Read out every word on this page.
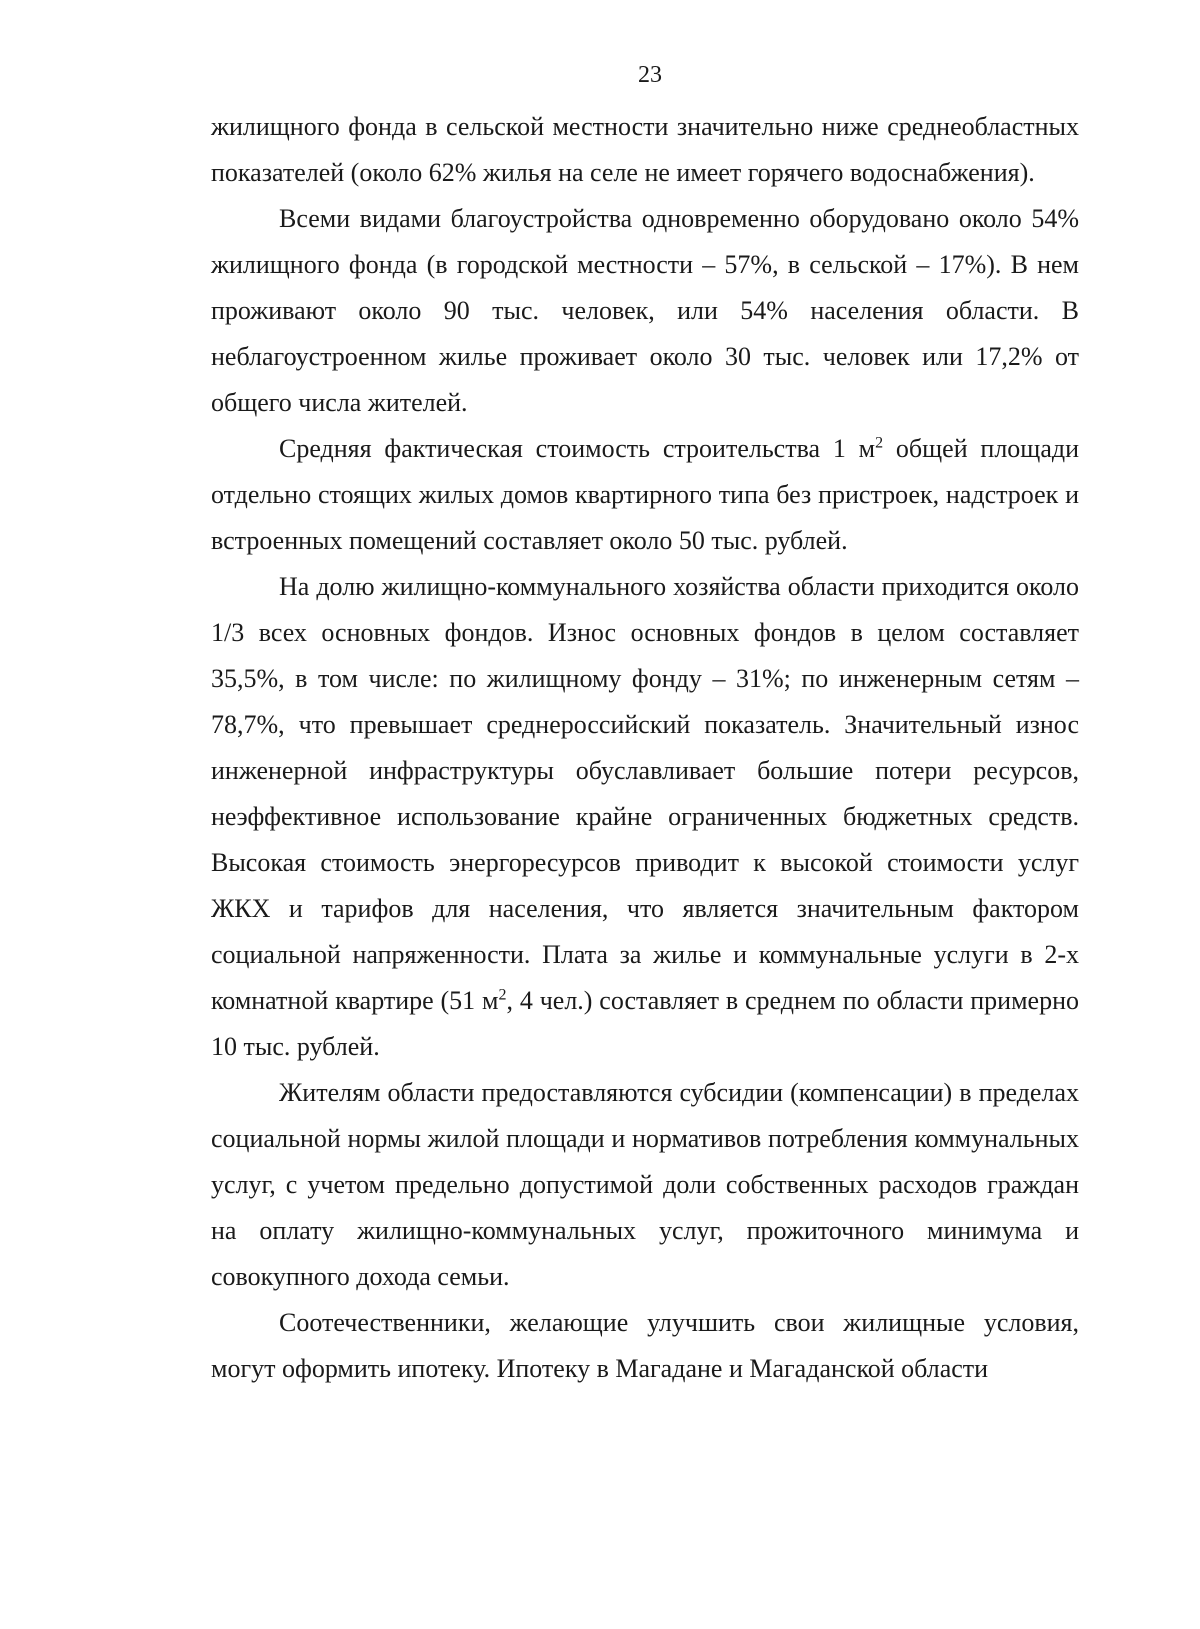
23

жилищного фонда в сельской местности значительно ниже среднеобластных показателей (около 62% жилья на селе не имеет горячего водоснабжения).

Всеми видами благоустройства одновременно оборудовано около 54% жилищного фонда (в городской местности – 57%, в сельской – 17%). В нем проживают около 90 тыс. человек, или 54% населения области. В неблагоустроенном жилье проживает около 30 тыс. человек или 17,2% от общего числа жителей.

Средняя фактическая стоимость строительства 1 $м^2$ общей площади отдельно стоящих жилых домов квартирного типа без пристроек, надстроек и встроенных помещений составляет около 50 тыс. рублей.

На долю жилищно-коммунального хозяйства области приходится около 1/3 всех основных фондов. Износ основных фондов в целом составляет 35,5%, в том числе: по жилищному фонду – 31%; по инженерным сетям – 78,7%, что превышает среднероссийский показатель. Значительный износ инженерной инфраструктуры обуславливает большие потери ресурсов, неэффективное использование крайне ограниченных бюджетных средств. Высокая стоимость энергоресурсов приводит к высокой стоимости услуг ЖКХ и тарифов для населения, что является значительным фактором социальной напряженности. Плата за жилье и коммунальные услуги в 2-х комнатной квартире (51 $м^2$, 4 чел.) составляет в среднем по области примерно 10 тыс. рублей.

Жителям области предоставляются субсидии (компенсации) в пределах социальной нормы жилой площади и нормативов потребления коммунальных услуг, с учетом предельно допустимой доли собственных расходов граждан на оплату жилищно-коммунальных услуг, прожиточного минимума и совокупного дохода семьи.

Соотечественники, желающие улучшить свои жилищные условия, могут оформить ипотеку. Ипотеку в Магадане и Магаданской области
